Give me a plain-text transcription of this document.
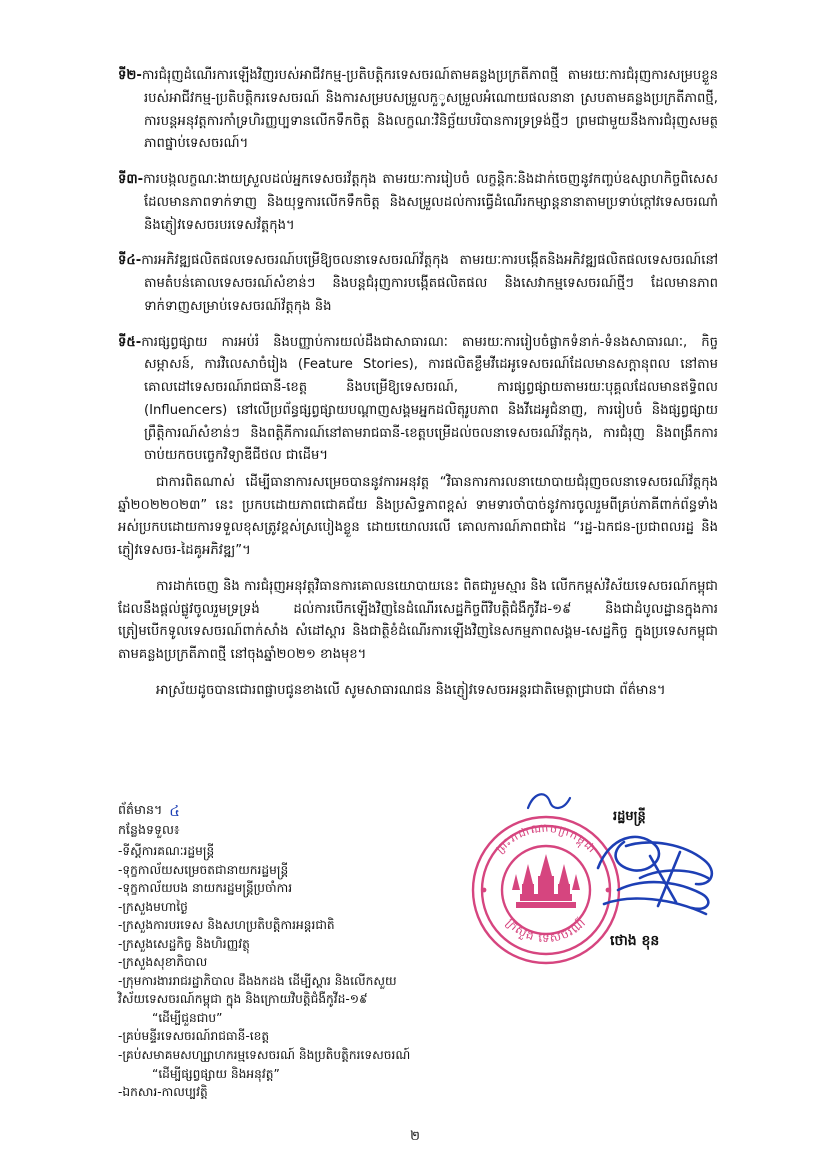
ទី២-ការជំរុញដំណើរការឡើងវិញរបស់អាជីវកម្ម-ប្រតិបត្តិករទេសចរណ៍តាមគន្លងប្រក្រតីភាពថ្មី តាមរយៈការជំរុញការសម្របខ្លួនរបស់អាជីវកម្ម-ប្រតិបត្តិករទេសចរណ៍ និងការសម្របសម្រួលកួូសម្រួលអំណោយផលនានា ស្របតាមគន្លងប្រក្រតីភាពថ្មី, ការបន្តអនុវត្តការកាំទ្រហិរញ្ញប្បទានលើកទឹកចិត្ត និងលក្ខណៈវិនិច្ឆ័យបរិបានការទ្រទ្រង់ថ្មីៗ ព្រមជាមួយនឹងការជំរុញសមត្ថភាពផ្នាប់ទេសចរណ៍។

ទី៣-ការបង្កលក្ខណៈងាយស្រួលដល់អ្នកទេសចរវ័ត្តកុង តាមរយៈការរៀបចំ លក្ខន្តិកៈនិងដាក់ចេញនូវកញ្ចប់ឧស្សាហកិច្ចពិសេសដែលមានភាពទាក់ទាញ និងយុទ្ធការលើកទឹកចិត្ត និងសម្រួលដល់ការធ្វើដំណើរកម្សាន្តនានាតាមប្រទាប់ក្តៅវទេសចរណាំ និងភ្ញៀវទេសចរបរទេសវ័ត្តកុង។

ទី៤-ការអភិវឌ្ឍផលិតផលទេសចរណ៍បម្រើឱ្យចលនាទេសចរណ៍វ័ត្តកុង តាមរយៈការបង្កើតនិងអភិវឌ្ឍផលិតផលទេសចរណ៍នៅតាមតំបន់គោលទេសចរណ៍សំខាន់ៗ និងបន្តជំរុញការបង្កើតផលិតផល និងសេវាកម្មទេសចរណ៍ថ្មីៗ ដែលមានភាពទាក់ទាញសម្រាប់ទេសចរណ៍វ័ត្តកុង និង

ទី៥-ការផ្សព្វផ្សាយ ការអប់រំ និងបញ្ញាប់ការយល់ដឹងជាសាធារណៈ តាមរយៈការរៀបចំផ្លាកទំនាក់-ទំនងសាធារណៈ, កិច្ចសម្ភាសន៍, ការវិលេសាចំរៀង (Feature Stories), ការផលិតខ្លឹមវីដេអូទេសចរណ៍ដែលមានសក្តានុពល នៅតាមគោលដៅទេសចរណ៍រាជធានី-ខេត្ត និងបម្រើឱ្យទេសចរណ៍, ការផ្សព្វផ្សាយតាមរយៈបុគ្គលដែលមានឥទ្ធិពល (Influencers) នៅលើប្រព័ន្ធផ្សព្វផ្សាយបណ្ដាញសង្គមអ្នកដលិតុរូបភាព និងវីដេអូជំនាញ, ការរៀបចំ និងផ្សព្វផ្សាយព្រឹត្តិការណ៍សំខាន់ៗ និងពត្តិភីការណ៍នៅតាមរាជធានី-ខេត្តបម្រើដល់ចលនាទេសចរណ៍វ័ត្តកុង, ការជំរុញ និងពង្រឹកការចាប់យកចបច្ចេកវិទ្យាឌីជីថល ជាដើម។

ជាការពិតណាស់ ដើម្បីធានាការសម្រេចបាននូវការអនុវត្ត “វិធានការការលនាយោបាយជំរុញចលនាទេសចរណ៍វ័ត្តកុង ឆ្នាំ២០២២០២៣” នេះ ប្រកបដោយភាពជោគជ័យ និងប្រសិទ្ធភាពខ្ពស់ ទាមទារចាំបាច់នូវការចូលរួមពីគ្រប់ភាគីពាក់ព័ន្ធទាំងអស់ប្រកបដោយការទទួលខុសត្រូវខ្ពស់ស្របៀងខ្លួន ដោយយោលរលើ គោលការណ៍ភាពជាដៃ “រដ្ឋ-ឯកជន-ប្រជាពលរដ្ឋ និងភ្ញៀវទេសចរ-ដៃគូអភិវឌ្ឍ”។

ការដាក់ចេញ និង ការជំរុញអនុវត្តវិធានការគោលនយោបាយនេះ ពិតជារួមស្មារ និង លើកកម្ពស់វិស័យទេសចរណ៍កម្ពុជា ដែលនឹងផ្ដល់ផ្លូវចូលរួមទ្រទ្រង់ ដល់ការបើកឡើងវិញនៃដំណើរសេដ្ឋកិច្ចពីវិបត្តិជំងឺកូវីដ-១៩ និងជាដំបូលដ្ឋានក្នុងការត្រៀមបើកទូលទេសចរណ៍ពាក់សាំង សំដៅស្ដារ និងជាត្ថិខំដំណើរការឡើងវិញនៃសកម្មភាពសង្គម-សេដ្ឋកិច្ច ក្នុងប្រទេសកម្ពុជា តាមគន្លងប្រក្រតីភាពថ្មី នៅចុងឆ្នាំ២០២១ ខាងមុខ។

អាស្រ័យដូចបានជោរពផ្ជាបជូនខាងលើ សូមសាធារណជន និងភ្ញៀវទេសចរអន្តរជាតិមេត្តាជ្រាបជា ព័ត៌មាន។

ព័ត៌មាន។ ៤
កន្លែងទទួល៖
-ទីស្ដីការគណៈរដ្ឋមន្ត្រី
-ទុក្ខកាល័យសម្រេចតជានាយករដ្ឋមន្ត្រី
-ទុក្ខកាល័យបង នាយករដ្ឋមន្ត្រីប្រចាំការ
-ក្រសួងមហាថ្ងៃ
-ក្រសួងការបរទេស និងសហប្រតិបត្តិការអន្តរជាតិ
-ក្រសួងសេដ្ឋកិច្ច និងហិរញ្ញវត្ថុ
-ក្រសួងសុខាភិបាល
-ក្រុមការងាររាជរដ្ឋាភិបាល ដឹងងកដង ដើម្បីស្ដារ និងលើកសួយ
វិស័យទេសចរណ៍កម្ពុជា ក្នុង និងក្រោយវិបត្តិជំងឺកូវីដ-១៩
“ដើម្បីជួនជាប”
-គ្រប់មន្ទីរទេសចរណ៍រាជធានី-ខេត្ត
-គ្រប់សមាគមសហ្ស្សាហករម្មទេសចរណ៍ និងប្រតិបត្តិករទេសចរណ៍
“ដើម្បីផ្សព្វផ្សាយ និងអនុវត្ត”
-ឯកសារ-កាលប្បវត្តិ
រដ្ឋមន្ត្រី
ព្រះរាជាណាចក្រកម្ពុជា
ក្រសួង ទេសចរណ៍
ថោង ខុន
២
